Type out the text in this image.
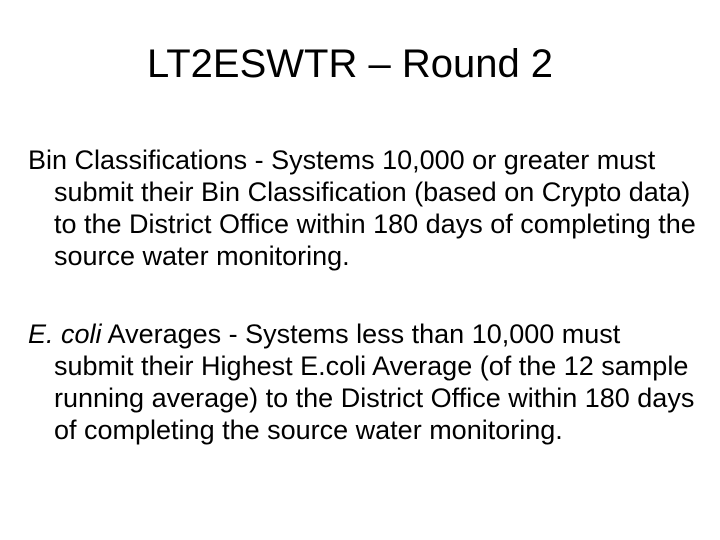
LT2ESWTR – Round 2

Bin Classifications - Systems 10,000 or greater must submit their Bin Classification (based on Crypto data) to the District Office within 180 days of completing the source water monitoring.

E. coli Averages - Systems less than 10,000 must submit their Highest E.coli Average (of the 12 sample running average) to the District Office within 180 days of completing the source water monitoring.
